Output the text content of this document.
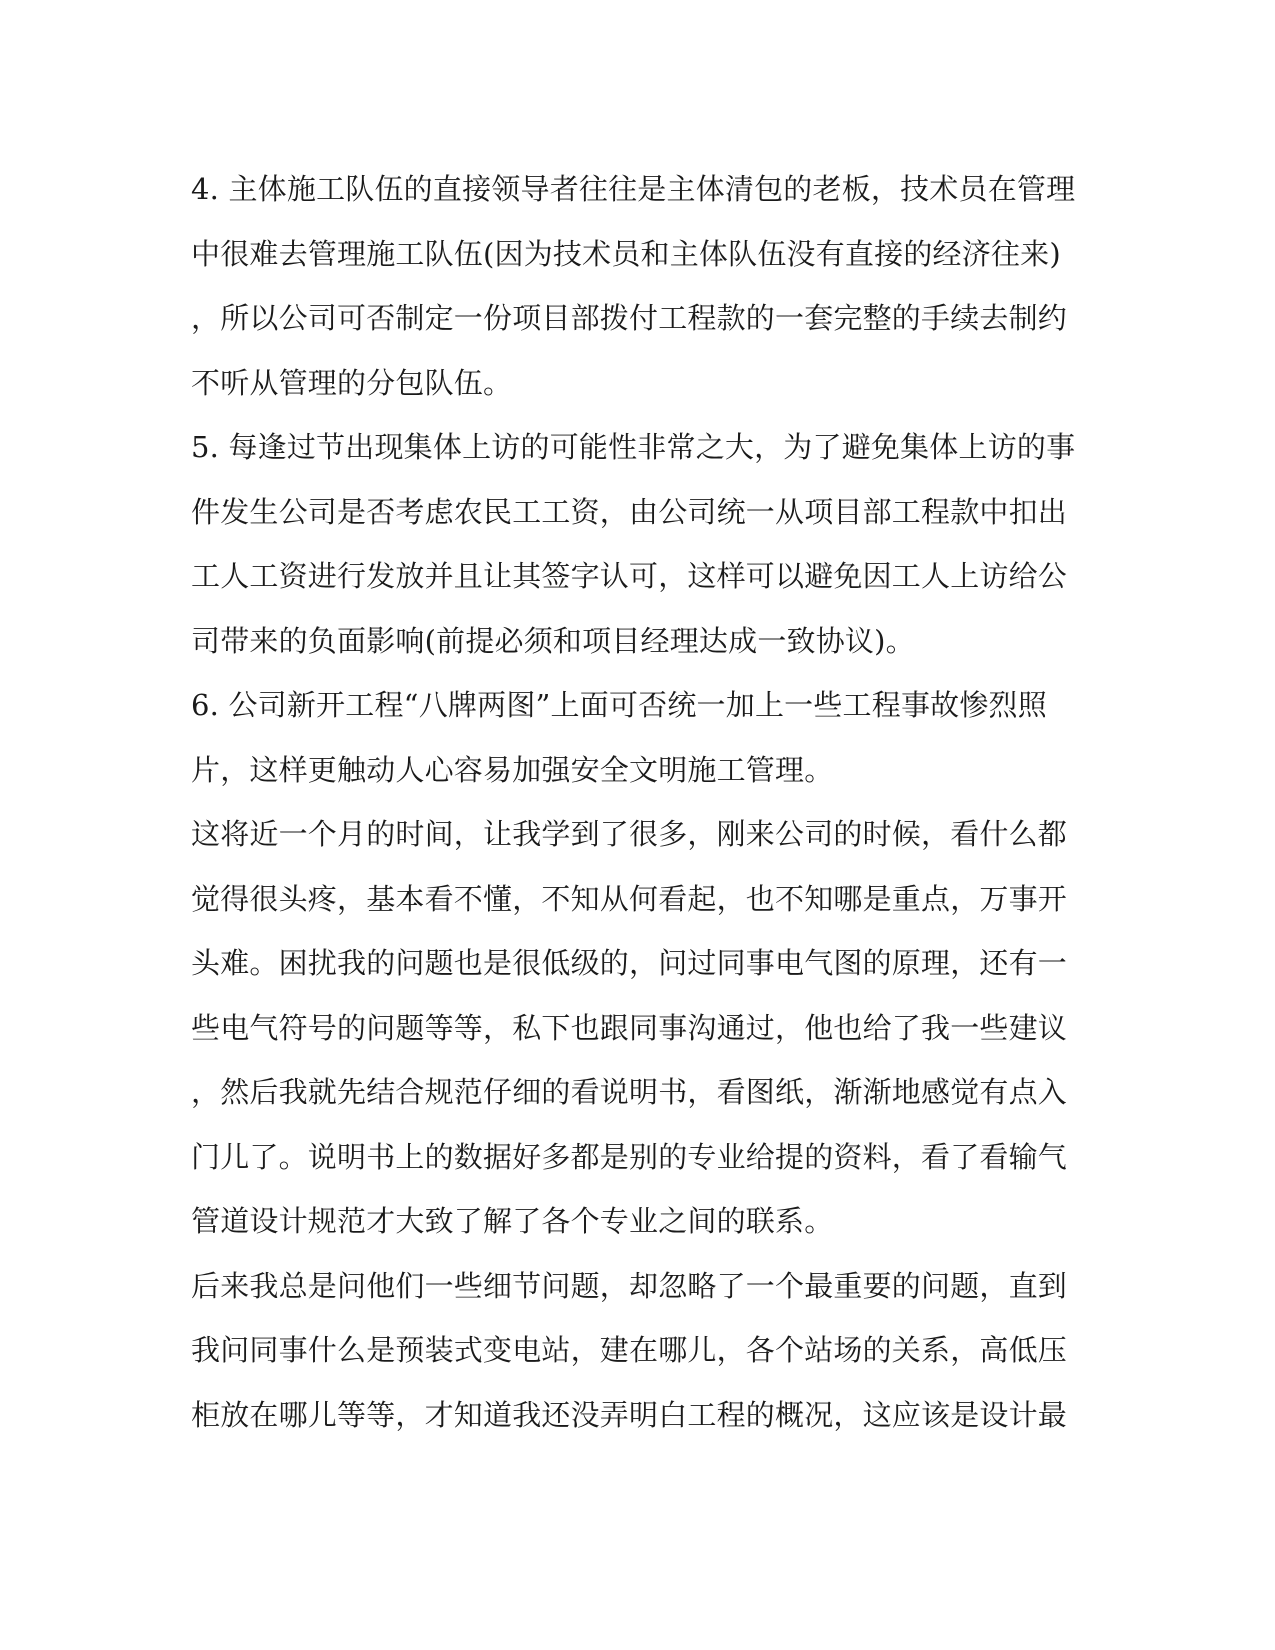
4. 主体施工队伍的直接领导者往往是主体清包的老板，技术员在管理
中很难去管理施工队伍(因为技术员和主体队伍没有直接的经济往来)
，所以公司可否制定一份项目部拨付工程款的一套完整的手续去制约
不听从管理的分包队伍。
5. 每逢过节出现集体上访的可能性非常之大，为了避免集体上访的事
件发生公司是否考虑农民工工资，由公司统一从项目部工程款中扣出
工人工资进行发放并且让其签字认可，这样可以避免因工人上访给公
司带来的负面影响(前提必须和项目经理达成一致协议)。
6. 公司新开工程“八牌两图”上面可否统一加上一些工程事故惨烈照
片，这样更触动人心容易加强安全文明施工管理。
这将近一个月的时间，让我学到了很多，刚来公司的时候，看什么都
觉得很头疼，基本看不懂，不知从何看起，也不知哪是重点，万事开
头难。困扰我的问题也是很低级的，问过同事电气图的原理，还有一
些电气符号的问题等等，私下也跟同事沟通过，他也给了我一些建议
，然后我就先结合规范仔细的看说明书，看图纸，渐渐地感觉有点入
门儿了。说明书上的数据好多都是别的专业给提的资料，看了看输气
管道设计规范才大致了解了各个专业之间的联系。
后来我总是问他们一些细节问题，却忽略了一个最重要的问题，直到
我问同事什么是预装式变电站，建在哪儿，各个站场的关系，高低压
柜放在哪儿等等，才知道我还没弄明白工程的概况，这应该是设计最
